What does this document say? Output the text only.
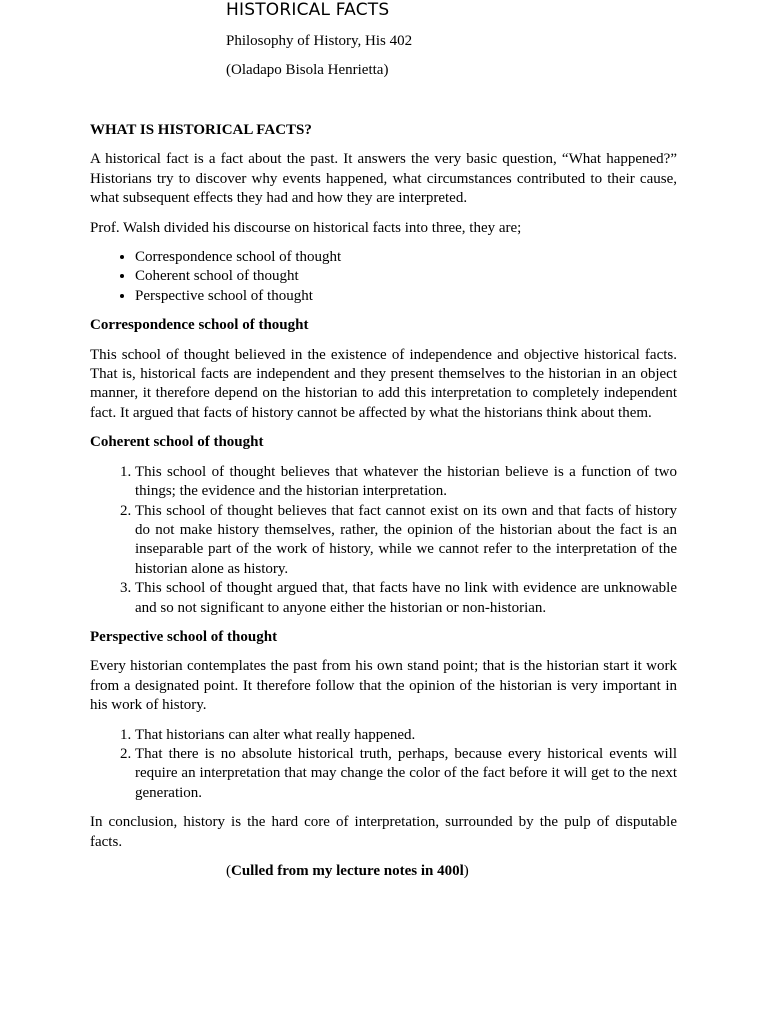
HISTORICAL FACTS
Philosophy of History, His 402
(Oladapo Bisola Henrietta)
WHAT IS HISTORICAL FACTS?

A historical fact is a fact about the past. It answers the very basic question, “What happened?” Historians try to discover why events happened, what circumstances contributed to their cause, what subsequent effects they had and how they are interpreted.

Prof. Walsh divided his discourse on historical facts into three, they are;

• Correspondence school of thought
• Coherent school of thought
• Perspective school of thought
Correspondence school of thought

This school of thought believed in the existence of independence and objective historical facts. That is, historical facts are independent and they present themselves to the historian in an object manner, it therefore depend on the historian to add this interpretation to completely independent fact. It argued that facts of history cannot be affected by what the historians think about them.

Coherent school of thought
1. This school of thought believes that whatever the historian believe is a function of two things; the evidence and the historian interpretation.
2. This school of thought believes that fact cannot exist on its own and that facts of history do not make history themselves, rather, the opinion of the historian about the fact is an inseparable part of the work of history, while we cannot refer to the interpretation of the historian alone as history.
3. This school of thought argued that, that facts have no link with evidence are unknowable and so not significant to anyone either the historian or non-historian.
Perspective school of thought

Every historian contemplates the past from his own stand point; that is the historian start it work from a designated point. It therefore follow that the opinion of the historian is very important in his work of history.

1. That historians can alter what really happened.
2. That there is no absolute historical truth, perhaps, because every historical events will require an interpretation that may change the color of the fact before it will get to the next generation.

In conclusion, history is the hard core of interpretation, surrounded by the pulp of disputable facts.

(Culled from my lecture notes in 400l)
